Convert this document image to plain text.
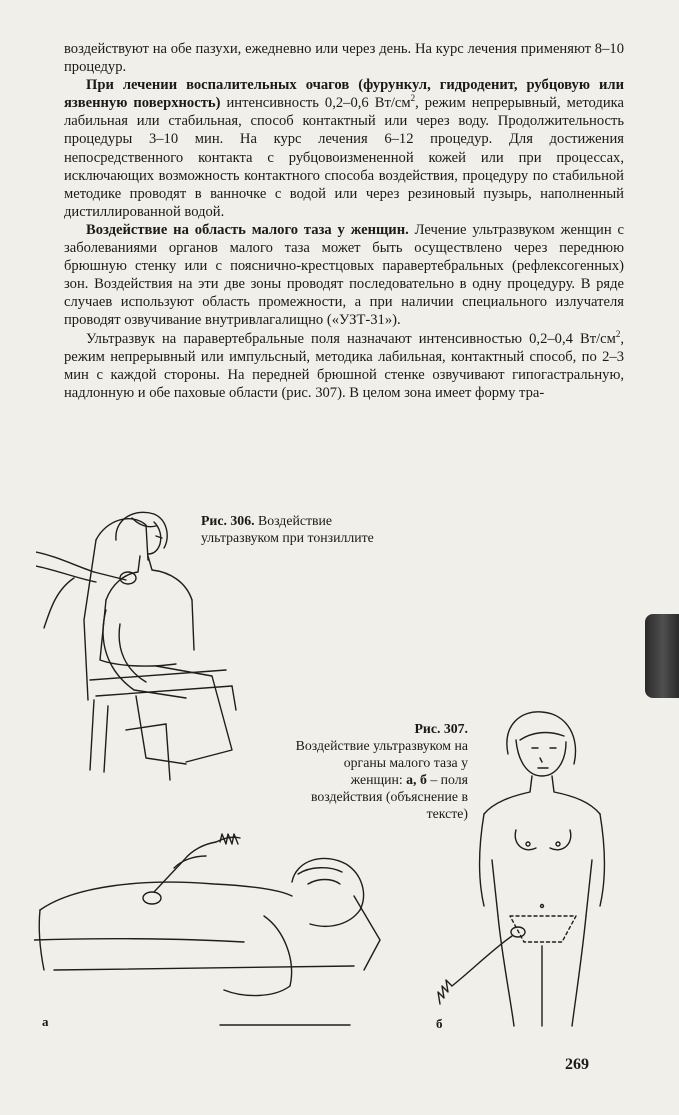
воздействуют на обе пазухи, ежедневно или через день. На курс лечения применяют 8–10 процедур.

При лечении воспалительных очагов (фурункул, гидроденит, рубцовую или язвенную поверхность) интенсивность 0,2–0,6 $Вт/см^2$, режим непрерывный, методика лабильная или стабильная, способ контактный или через воду. Продолжительность процедуры 3–10 мин. На курс лечения 6–12 процедур. Для достижения непосредственного контакта с рубцовоизмененной кожей или при процессах, исключающих возможность контактного способа воздействия, процедуру по стабильной методике проводят в ванночке с водой или через резиновый пузырь, наполненный дистиллированной водой.

Воздействие на область малого таза у женщин. Лечение ультразвуком женщин с заболеваниями органов малого таза может быть осуществлено через переднюю брюшную стенку или с пояснично-крестцовых паравертебральных (рефлексогенных) зон. Воздействия на эти две зоны проводят последовательно в одну процедуру. В ряде случаев используют область промежности, а при наличии специального излучателя проводят озвучивание внутривлагалищно («УЗТ-31»).

Ультразвук на паравертебральные поля назначают интенсивностью 0,2–0,4 $Вт/см^2$, режим непрерывный или импульсный, методика лабильная, контактный способ, по 2–3 мин с каждой стороны. На передней брюшной стенке озвучивают гипогастральную, надлонную и обе паховые области (рис. 307). В целом зона имеет форму тра-

Рис. 306. Воздействие ультразвуком при тонзиллите
Рис. 307.
Воздействие ультразвуком на органы малого таза у женщин: а, б – поля воздействия (объяснение в тексте)
а	б
269
